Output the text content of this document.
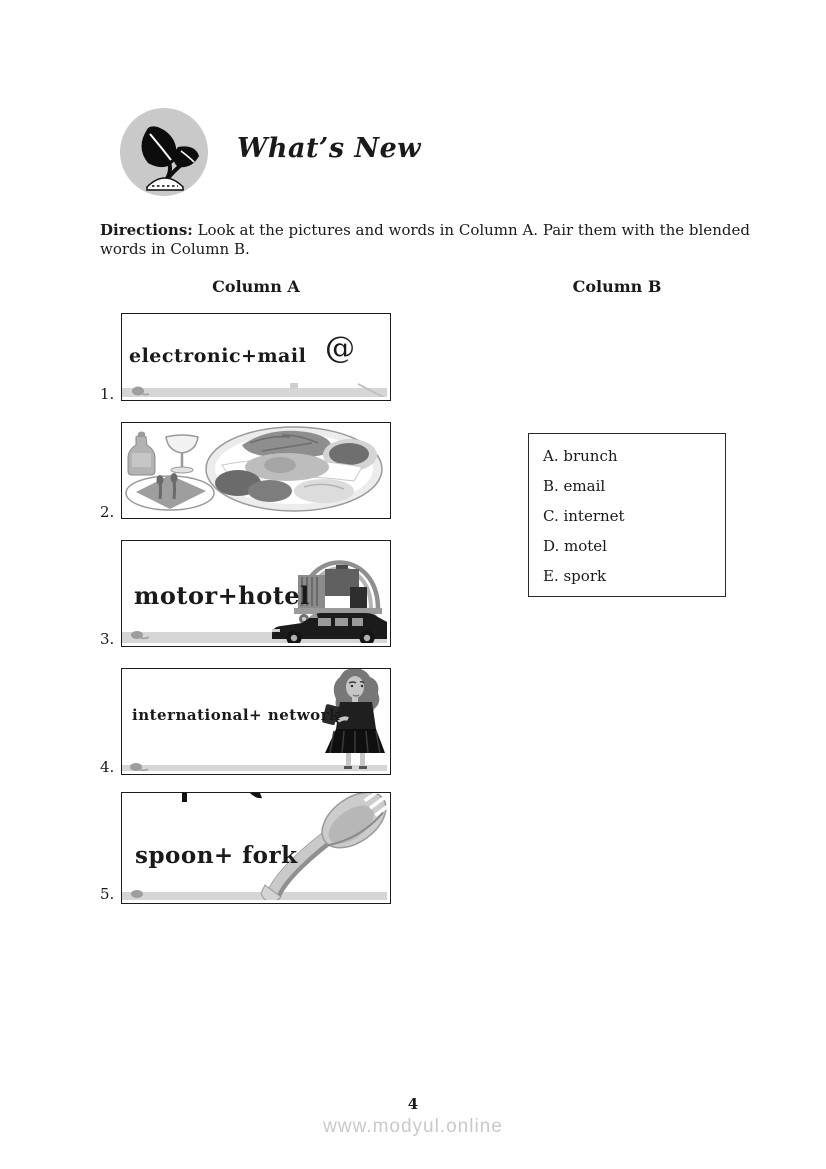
What’s New
Directions: Look at the pictures and words in Column A. Pair them with the blended words in Column B.
Column A	Column B
1.
2.
3.
4.
5.
electronic+mail @
motor+hotel
international+ network
spoon+ fork
A. brunch
B. email
C. internet
D. motel
E. spork
4
www.modyul.online
